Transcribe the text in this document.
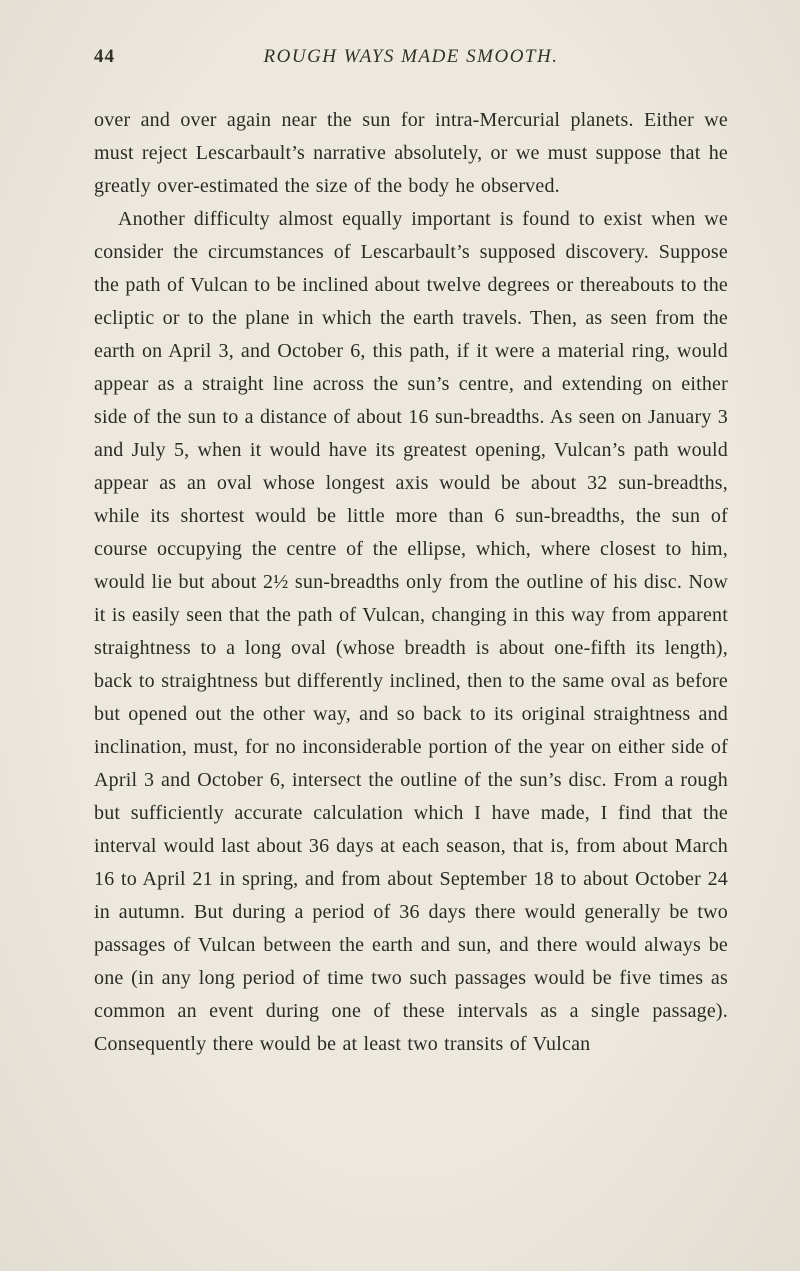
44	ROUGH WAYS MADE SMOOTH.

over and over again near the sun for intra-Mercurial planets. Either we must reject Lescarbault’s narrative absolutely, or we must suppose that he greatly over-estimated the size of the body he observed.

Another difficulty almost equally important is found to exist when we consider the circumstances of Lescarbault’s supposed discovery. Suppose the path of Vulcan to be inclined about twelve degrees or thereabouts to the ecliptic or to the plane in which the earth travels. Then, as seen from the earth on April 3, and October 6, this path, if it were a material ring, would appear as a straight line across the sun’s centre, and extending on either side of the sun to a distance of about 16 sun-breadths. As seen on January 3 and July 5, when it would have its greatest opening, Vulcan’s path would appear as an oval whose longest axis would be about 32 sun-breadths, while its shortest would be little more than 6 sun-breadths, the sun of course occupying the centre of the ellipse, which, where closest to him, would lie but about 2½ sun-breadths only from the outline of his disc. Now it is easily seen that the path of Vulcan, changing in this way from apparent straightness to a long oval (whose breadth is about one-fifth its length), back to straightness but differently inclined, then to the same oval as before but opened out the other way, and so back to its original straightness and inclination, must, for no inconsiderable portion of the year on either side of April 3 and October 6, intersect the outline of the sun’s disc. From a rough but sufficiently accurate calculation which I have made, I find that the interval would last about 36 days at each season, that is, from about March 16 to April 21 in spring, and from about September 18 to about October 24 in autumn. But during a period of 36 days there would generally be two passages of Vulcan between the earth and sun, and there would always be one (in any long period of time two such passages would be five times as common an event during one of these intervals as a single passage). Consequently there would be at least two transits of Vulcan
